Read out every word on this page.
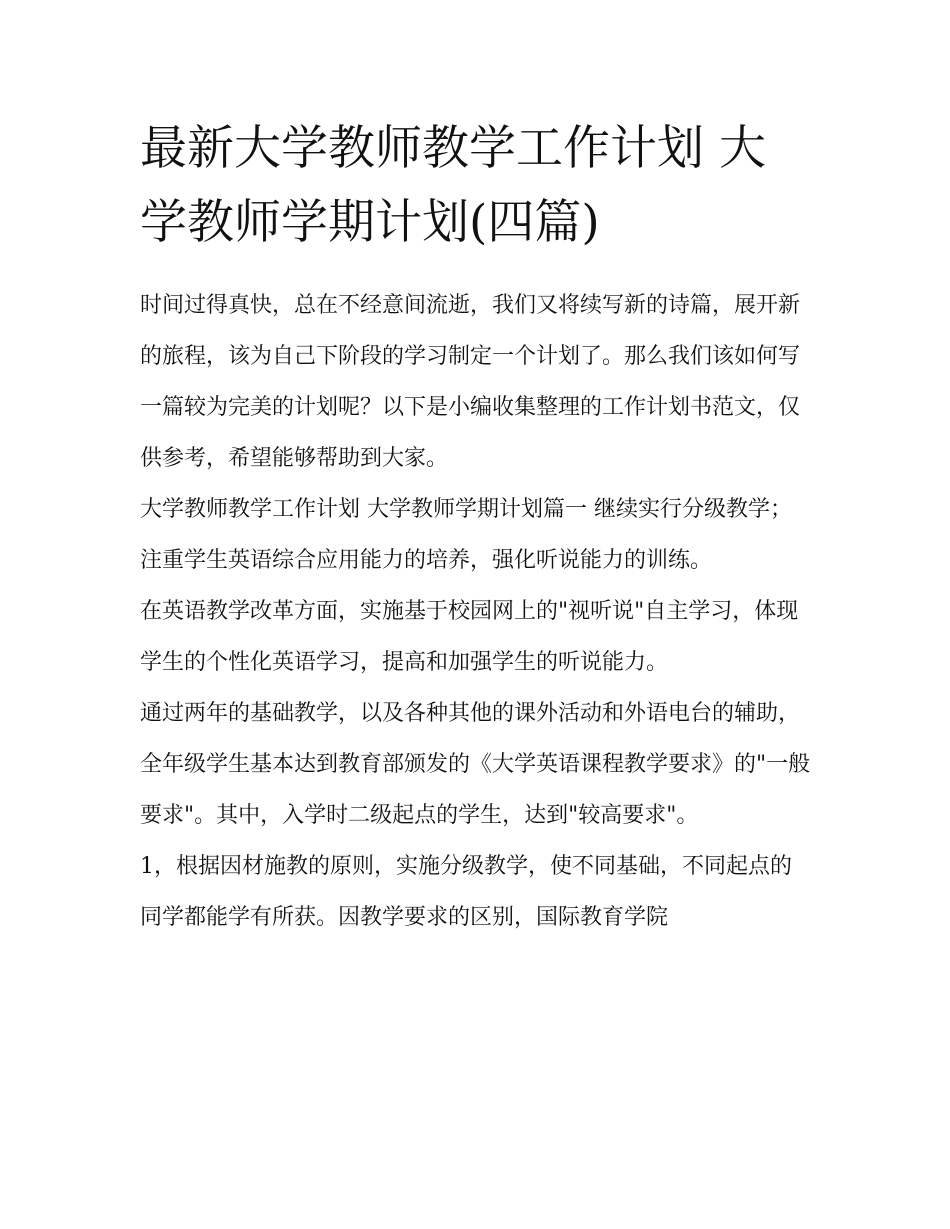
最新大学教师教学工作计划 大学教师学期计划(四篇)

时间过得真快，总在不经意间流逝，我们又将续写新的诗篇，展开新的旅程，该为自己下阶段的学习制定一个计划了。那么我们该如何写一篇较为完美的计划呢？以下是小编收集整理的工作计划书范文，仅供参考，希望能够帮助到大家。

大学教师教学工作计划 大学教师学期计划篇一 继续实行分级教学；注重学生英语综合应用能力的培养，强化听说能力的训练。

在英语教学改革方面，实施基于校园网上的"视听说"自主学习，体现学生的个性化英语学习，提高和加强学生的听说能力。

通过两年的基础教学，以及各种其他的课外活动和外语电台的辅助，全年级学生基本达到教育部颁发的《大学英语课程教学要求》的"一般要求"。其中，入学时二级起点的学生，达到"较高要求"。

1，根据因材施教的原则，实施分级教学，使不同基础，不同起点的同学都能学有所获。因教学要求的区别，国际教育学院
